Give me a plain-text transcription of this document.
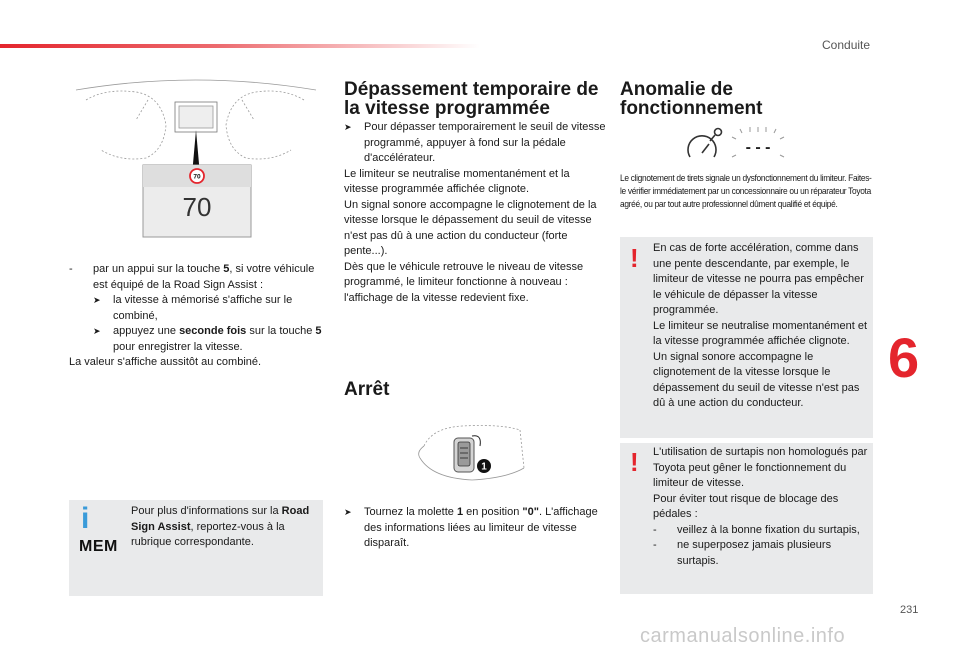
Conduite
6
231
70
70
-	par un appui sur la touche 5, si votre véhicule est équipé de la Road Sign Assist :
➤	la vitesse à mémorisé s'affiche sur le combiné,
➤	appuyez une seconde fois sur la touche 5 pour enregistrer la vitesse.
La valeur s'affiche aussitôt au combiné.
i
MEM
Pour plus d'informations sur la Road Sign Assist, reportez-vous à la rubrique correspondante.
Dépassement temporaire de
la vitesse programmée
➤	Pour dépasser temporairement le seuil de vitesse programmé, appuyer à fond sur la pédale d'accélérateur.
Le limiteur se neutralise momentanément et la vitesse programmée affichée clignote.
Un signal sonore accompagne le clignotement de la vitesse lorsque le dépassement du seuil de vitesse n'est pas dû à une action du conducteur (forte pente...).
Dès que le véhicule retrouve le niveau de vitesse programmé, le limiteur fonctionne à nouveau : l'affichage de la vitesse redevient fixe.
Arrêt
1
➤	Tournez la molette 1 en position "0". L'affichage des informations liées au limiteur de vitesse disparaît.
Anomalie de
fonctionnement
- - -
Le clignotement de tirets signale un dysfonctionnement du limiteur. Faites-le vérifier immédiatement par un concessionnaire ou un réparateur Toyota agréé, ou par tout autre professionnel dûment qualifié et équipé.
! En cas de forte accélération, comme dans une pente descendante, par exemple, le limiteur de vitesse ne pourra pas empêcher le véhicule de dépasser la vitesse programmée.
Le limiteur se neutralise momentanément et la vitesse programmée affichée clignote.
Un signal sonore accompagne le clignotement de la vitesse lorsque le dépassement du seuil de vitesse n'est pas dû à une action du conducteur.
! L'utilisation de surtapis non homologués par Toyota peut gêner le fonctionnement du limiteur de vitesse.
Pour éviter tout risque de blocage des pédales :
-	veillez à la bonne fixation du surtapis,
-	ne superposez jamais plusieurs surtapis.
carmanualsonline.info
